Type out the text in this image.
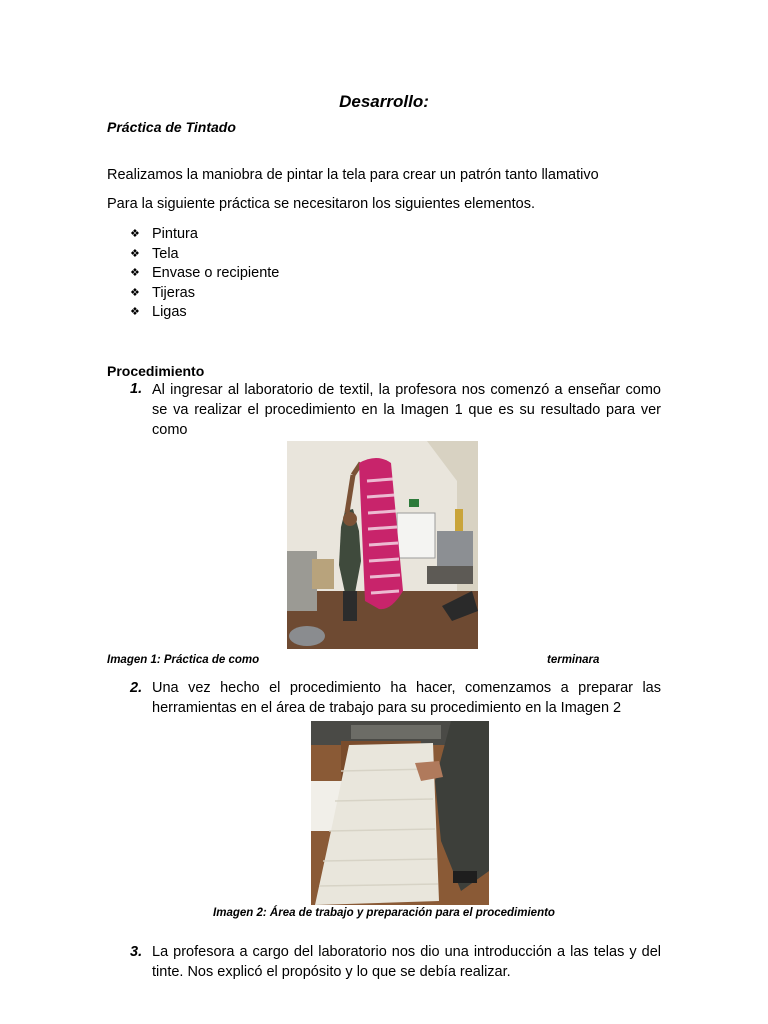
Desarrollo:
Práctica de Tintado
Realizamos la maniobra de pintar la tela para crear un patrón tanto llamativo
Para la siguiente práctica se necesitaron los siguientes elementos.
❖ Pintura
❖ Tela
❖ Envase o recipiente
❖ Tijeras
❖ Ligas
Procedimiento
1. Al ingresar al laboratorio de textil, la profesora nos comenzó a enseñar como se va realizar el procedimiento en la Imagen 1 que es su resultado para ver como
Imagen 1: Práctica de como	terminara
2. Una vez hecho el procedimiento ha hacer, comenzamos a preparar las herramientas en el área de trabajo para su procedimiento en la Imagen 2
Imagen 2: Área de trabajo y preparación para el procedimiento
3. La profesora a cargo del laboratorio nos dio una introducción a las telas y del tinte. Nos explicó el propósito y lo que se debía realizar.
